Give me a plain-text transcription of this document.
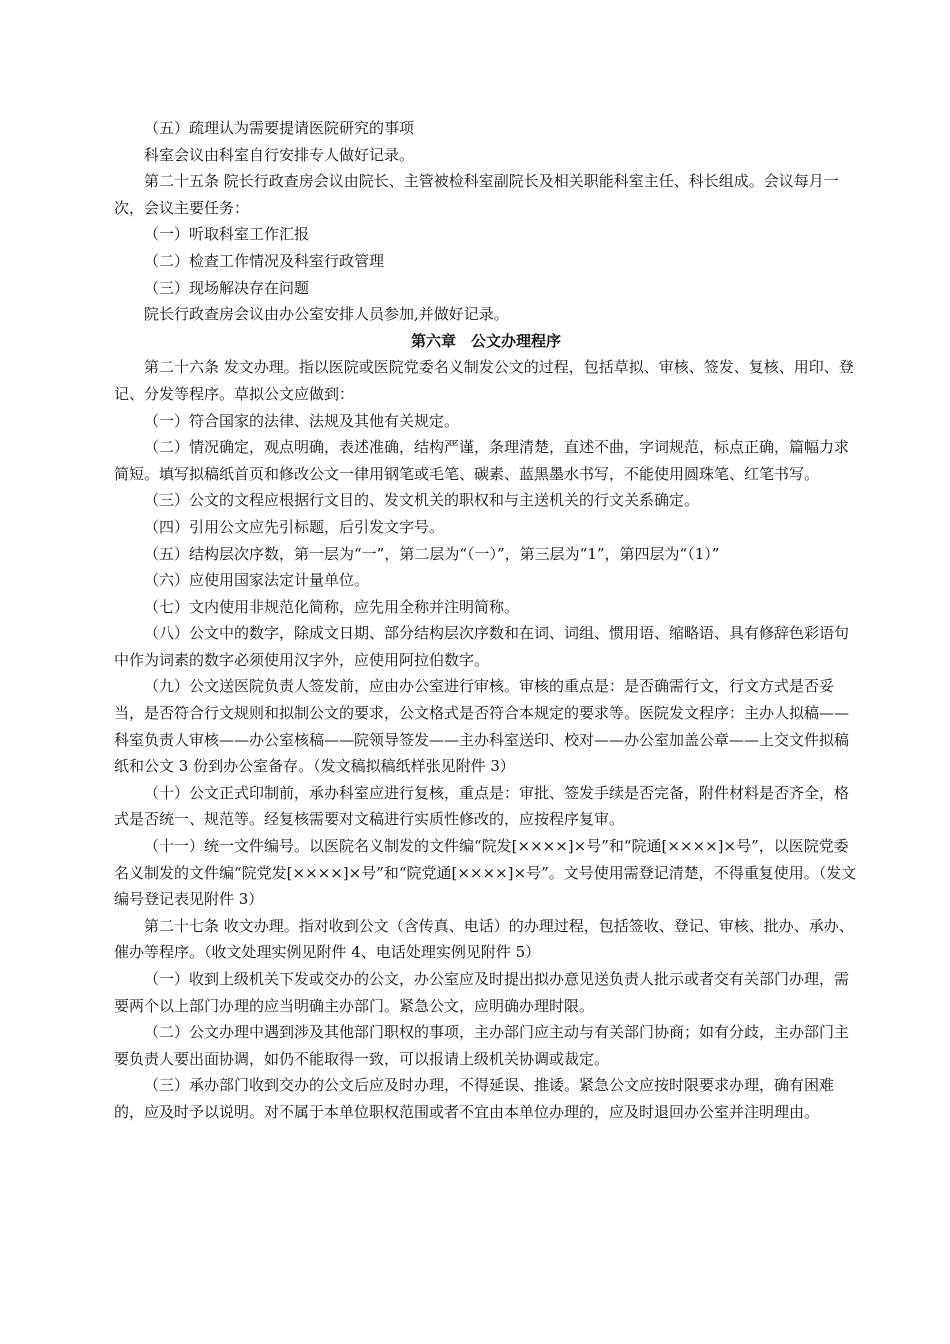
（五）疏理认为需要提请医院研究的事项

科室会议由科室自行安排专人做好记录。

第二十五条 院长行政查房会议由院长、主管被检科室副院长及相关职能科室主任、科长组成。会议每月一次，会议主要任务：

（一）听取科室工作汇报

（二）检查工作情况及科室行政管理

（三）现场解决存在问题

院长行政查房会议由办公室安排人员参加,并做好记录。

第六章　公文办理程序

第二十六条 发文办理。指以医院或医院党委名义制发公文的过程，包括草拟、审核、签发、复核、用印、登记、分发等程序。草拟公文应做到：

（一）符合国家的法律、法规及其他有关规定。

（二）情况确定，观点明确，表述准确，结构严谨，条理清楚，直述不曲，字词规范，标点正确，篇幅力求简短。填写拟稿纸首页和修改公文一律用钢笔或毛笔、碳素、蓝黑墨水书写，不能使用圆珠笔、红笔书写。

（三）公文的文程应根据行文目的、发文机关的职权和与主送机关的行文关系确定。

（四）引用公文应先引标题，后引发文字号。

（五）结构层次序数，第一层为“一”，第二层为“（一）”，第三层为“1”，第四层为“（1）”

（六）应使用国家法定计量单位。

（七）文内使用非规范化简称，应先用全称并注明简称。

（八）公文中的数字，除成文日期、部分结构层次序数和在词、词组、惯用语、缩略语、具有修辞色彩语句中作为词素的数字必须使用汉字外，应使用阿拉伯数字。

（九）公文送医院负责人签发前，应由办公室进行审核。审核的重点是：是否确需行文，行文方式是否妥当，是否符合行文规则和拟制公文的要求，公文格式是否符合本规定的要求等。医院发文程序：主办人拟稿——科室负责人审核——办公室核稿——院领导签发——主办科室送印、校对——办公室加盖公章——上交文件拟稿纸和公文 3 份到办公室备存。（发文稿拟稿纸样张见附件 3）

（十）公文正式印制前，承办科室应进行复核，重点是：审批、签发手续是否完备，附件材料是否齐全，格式是否统一、规范等。经复核需要对文稿进行实质性修改的，应按程序复审。

（十一）统一文件编号。以医院名义制发的文件编“院发[××××]×号”和“院通[××××]×号”，以医院党委名义制发的文件编“院党发[××××]×号”和“院党通[××××]×号”。文号使用需登记清楚，不得重复使用。（发文编号登记表见附件 3）

第二十七条 收文办理。指对收到公文（含传真、电话）的办理过程，包括签收、登记、审核、批办、承办、催办等程序。（收文处理实例见附件 4、电话处理实例见附件 5）

（一）收到上级机关下发或交办的公文，办公室应及时提出拟办意见送负责人批示或者交有关部门办理，需要两个以上部门办理的应当明确主办部门。紧急公文，应明确办理时限。

（二）公文办理中遇到涉及其他部门职权的事项，主办部门应主动与有关部门协商；如有分歧，主办部门主要负责人要出面协调，如仍不能取得一致，可以报请上级机关协调或裁定。

（三）承办部门收到交办的公文后应及时办理，不得延误、推诿。紧急公文应按时限要求办理，确有困难的，应及时予以说明。对不属于本单位职权范围或者不宜由本单位办理的，应及时退回办公室并注明理由。
